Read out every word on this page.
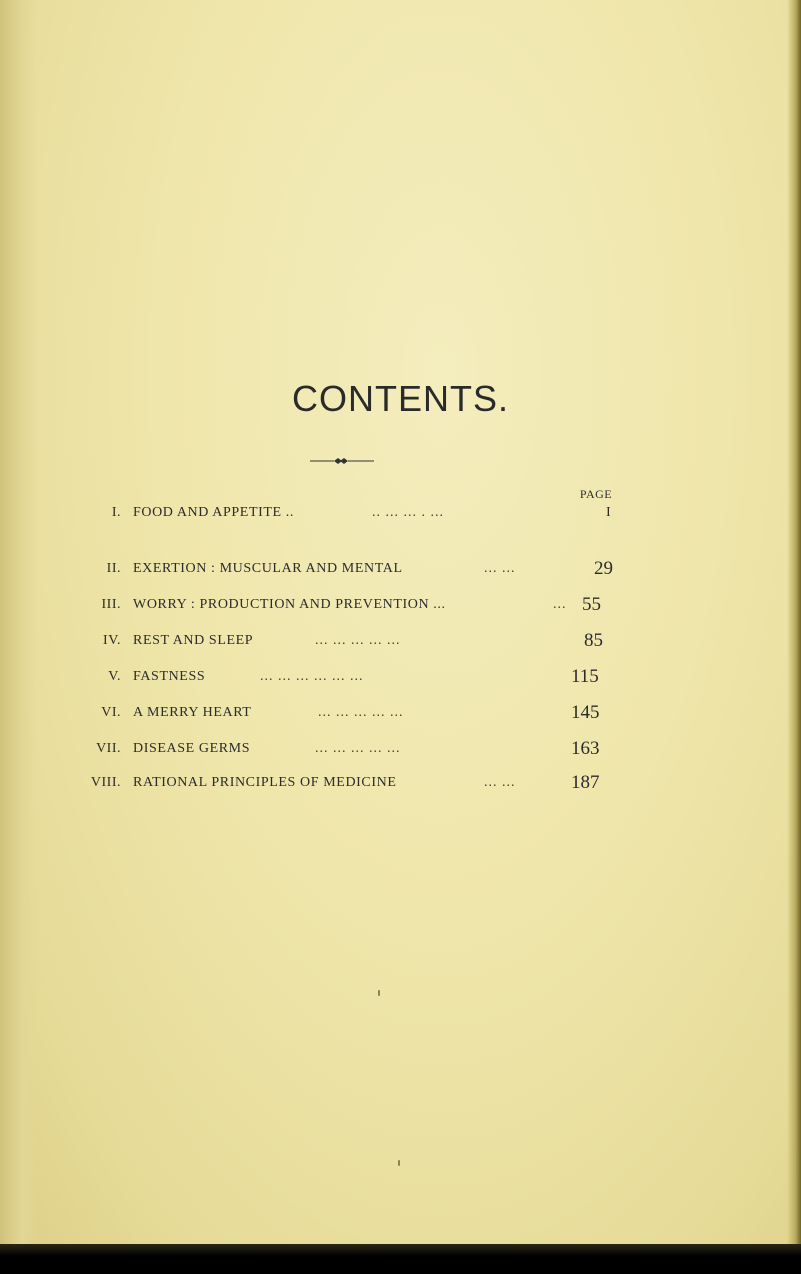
CONTENTS.
PAGE
I. FOOD AND APPETITE ..	.. ... ... . ...	I
II. EXERTION : MUSCULAR AND MENTAL	... ...	29
III. WORRY : PRODUCTION AND PREVENTION ...	... 55
IV. REST AND SLEEP	... ... ... ... ...	85
V. FASTNESS	... ... ... ... ... ...	115
VI. A MERRY HEART	... ... ... ... ...	145
VII. DISEASE GERMS	... ... ... ... ...	163
VIII. RATIONAL PRINCIPLES OF MEDICINE	... ...	187
